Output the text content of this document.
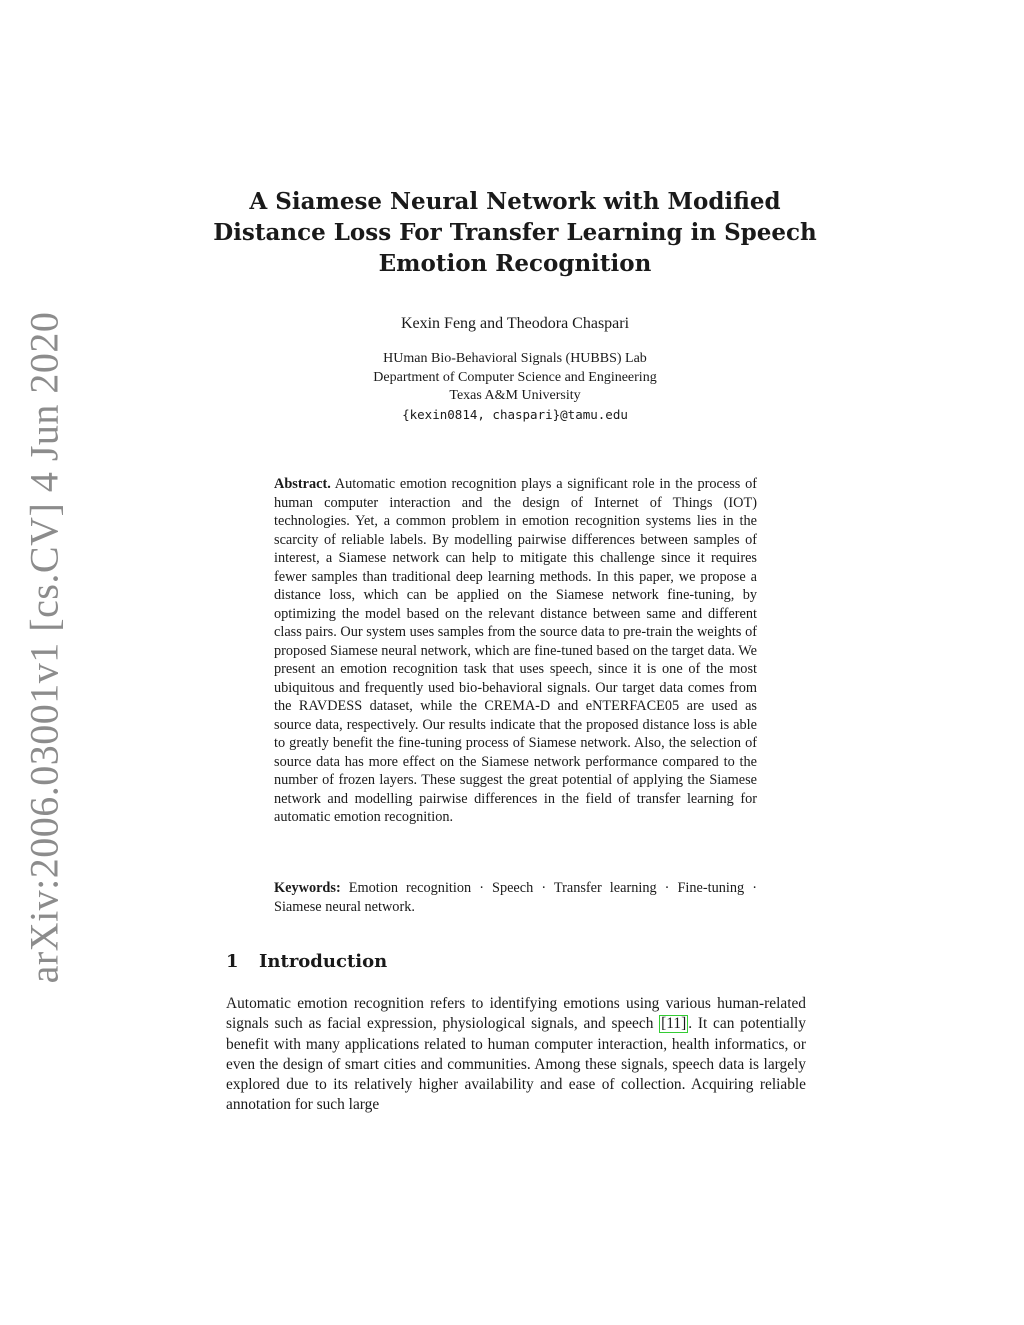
arXiv:2006.03001v1 [cs.CV] 4 Jun 2020
A Siamese Neural Network with Modified Distance Loss For Transfer Learning in Speech Emotion Recognition
Kexin Feng and Theodora Chaspari
HUman Bio-Behavioral Signals (HUBBS) Lab
Department of Computer Science and Engineering
Texas A&M University
{kexin0814, chaspari}@tamu.edu

Abstract. Automatic emotion recognition plays a significant role in the process of human computer interaction and the design of Internet of Things (IOT) technologies. Yet, a common problem in emotion recognition systems lies in the scarcity of reliable labels. By modelling pairwise differences between samples of interest, a Siamese network can help to mitigate this challenge since it requires fewer samples than traditional deep learning methods. In this paper, we propose a distance loss, which can be applied on the Siamese network fine-tuning, by optimizing the model based on the relevant distance between same and different class pairs. Our system uses samples from the source data to pre-train the weights of proposed Siamese neural network, which are fine-tuned based on the target data. We present an emotion recognition task that uses speech, since it is one of the most ubiquitous and frequently used bio-behavioral signals. Our target data comes from the RAVDESS dataset, while the CREMA-D and eNTERFACE05 are used as source data, respectively. Our results indicate that the proposed distance loss is able to greatly benefit the fine-tuning process of Siamese network. Also, the selection of source data has more effect on the Siamese network performance compared to the number of frozen layers. These suggest the great potential of applying the Siamese network and modelling pairwise differences in the field of transfer learning for automatic emotion recognition.

Keywords: Emotion recognition · Speech · Transfer learning · Fine-tuning · Siamese neural network.

1 Introduction

Automatic emotion recognition refers to identifying emotions using various human-related signals such as facial expression, physiological signals, and speech [11] . It can potentially benefit with many applications related to human computer interaction, health informatics, or even the design of smart cities and communities. Among these signals, speech data is largely explored due to its relatively higher availability and ease of collection. Acquiring reliable annotation for such large
